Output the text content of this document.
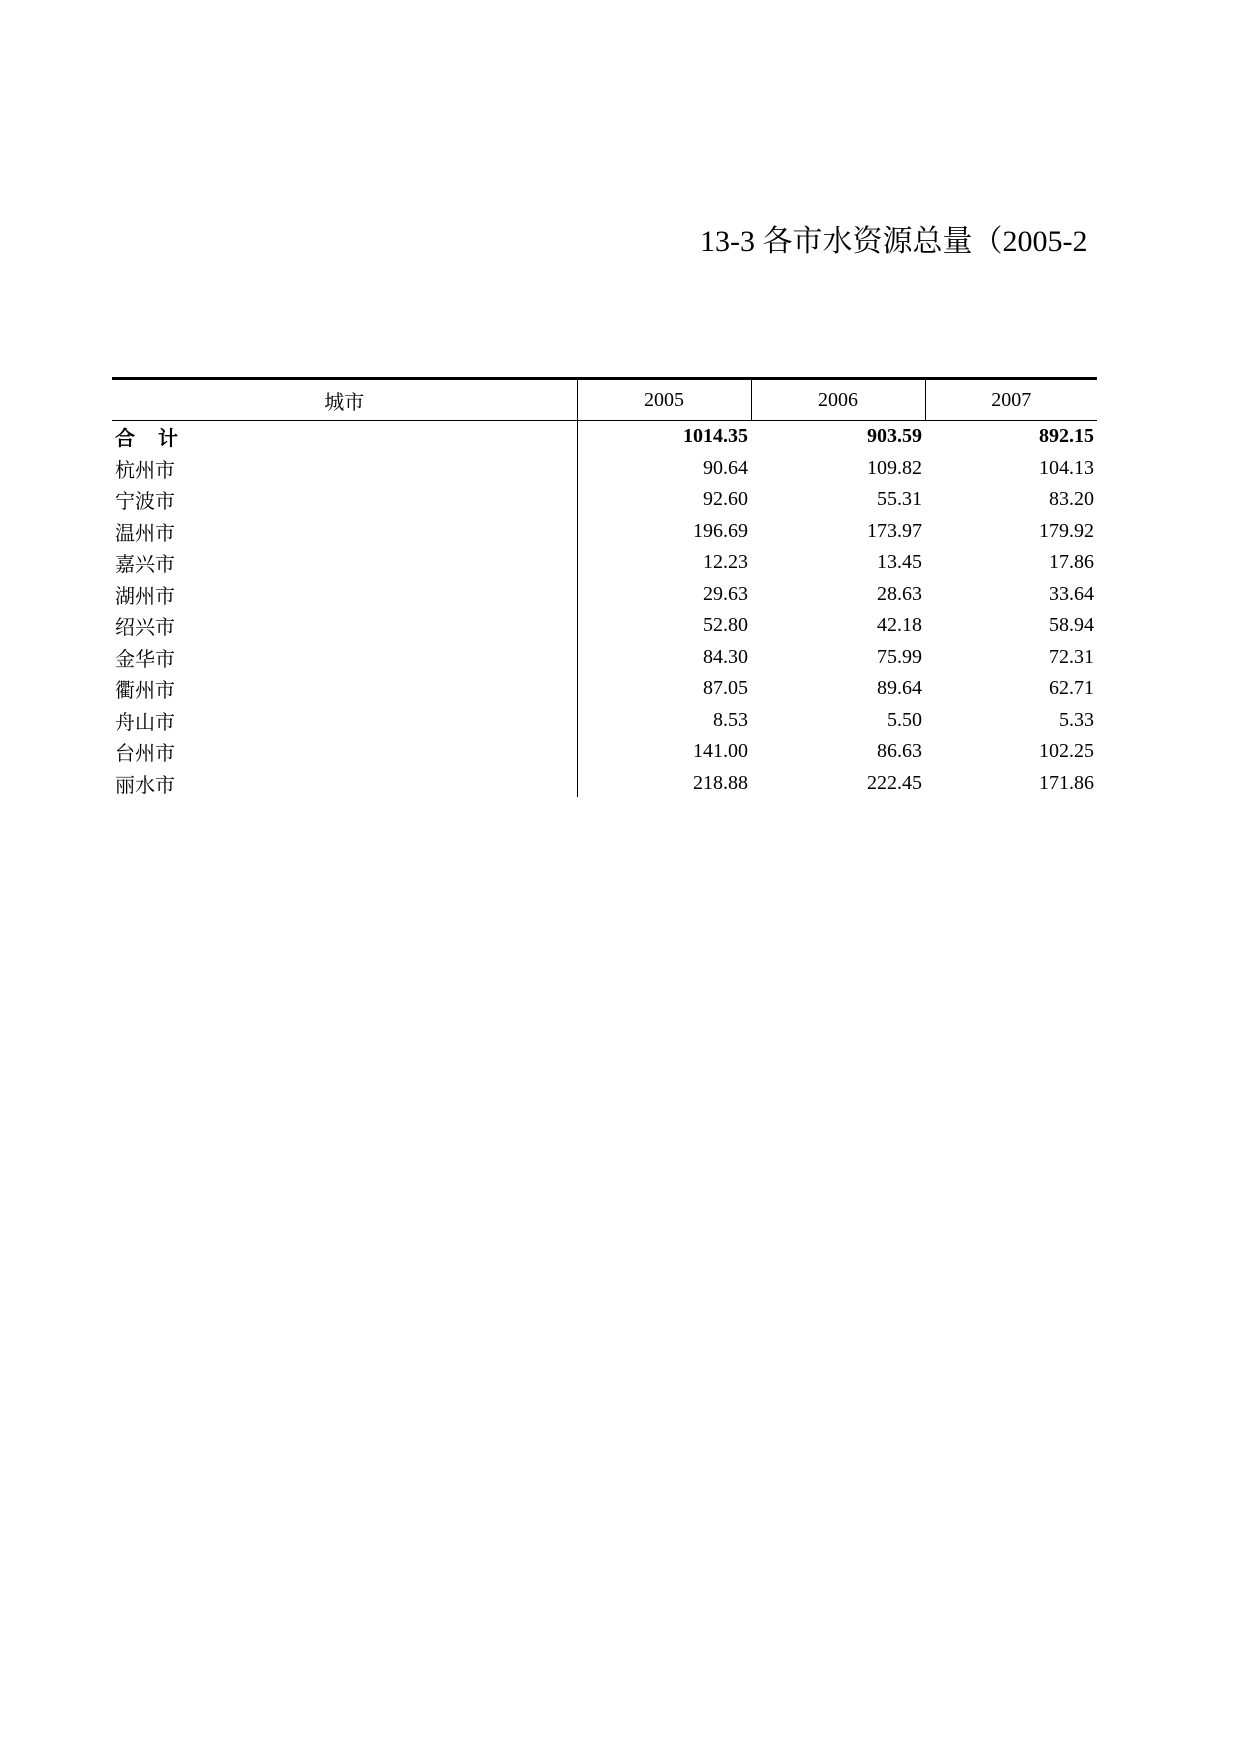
13-3 各市水资源总量（2005-2
城市	2005	2006	2007
合 计	1014.35	903.59	892.15
杭州市	90.64	109.82	104.13
宁波市	92.60	55.31	83.20
温州市	196.69	173.97	179.92
嘉兴市	12.23	13.45	17.86
湖州市	29.63	28.63	33.64
绍兴市	52.80	42.18	58.94
金华市	84.30	75.99	72.31
衢州市	87.05	89.64	62.71
舟山市	8.53	5.50	5.33
台州市	141.00	86.63	102.25
丽水市	218.88	222.45	171.86
